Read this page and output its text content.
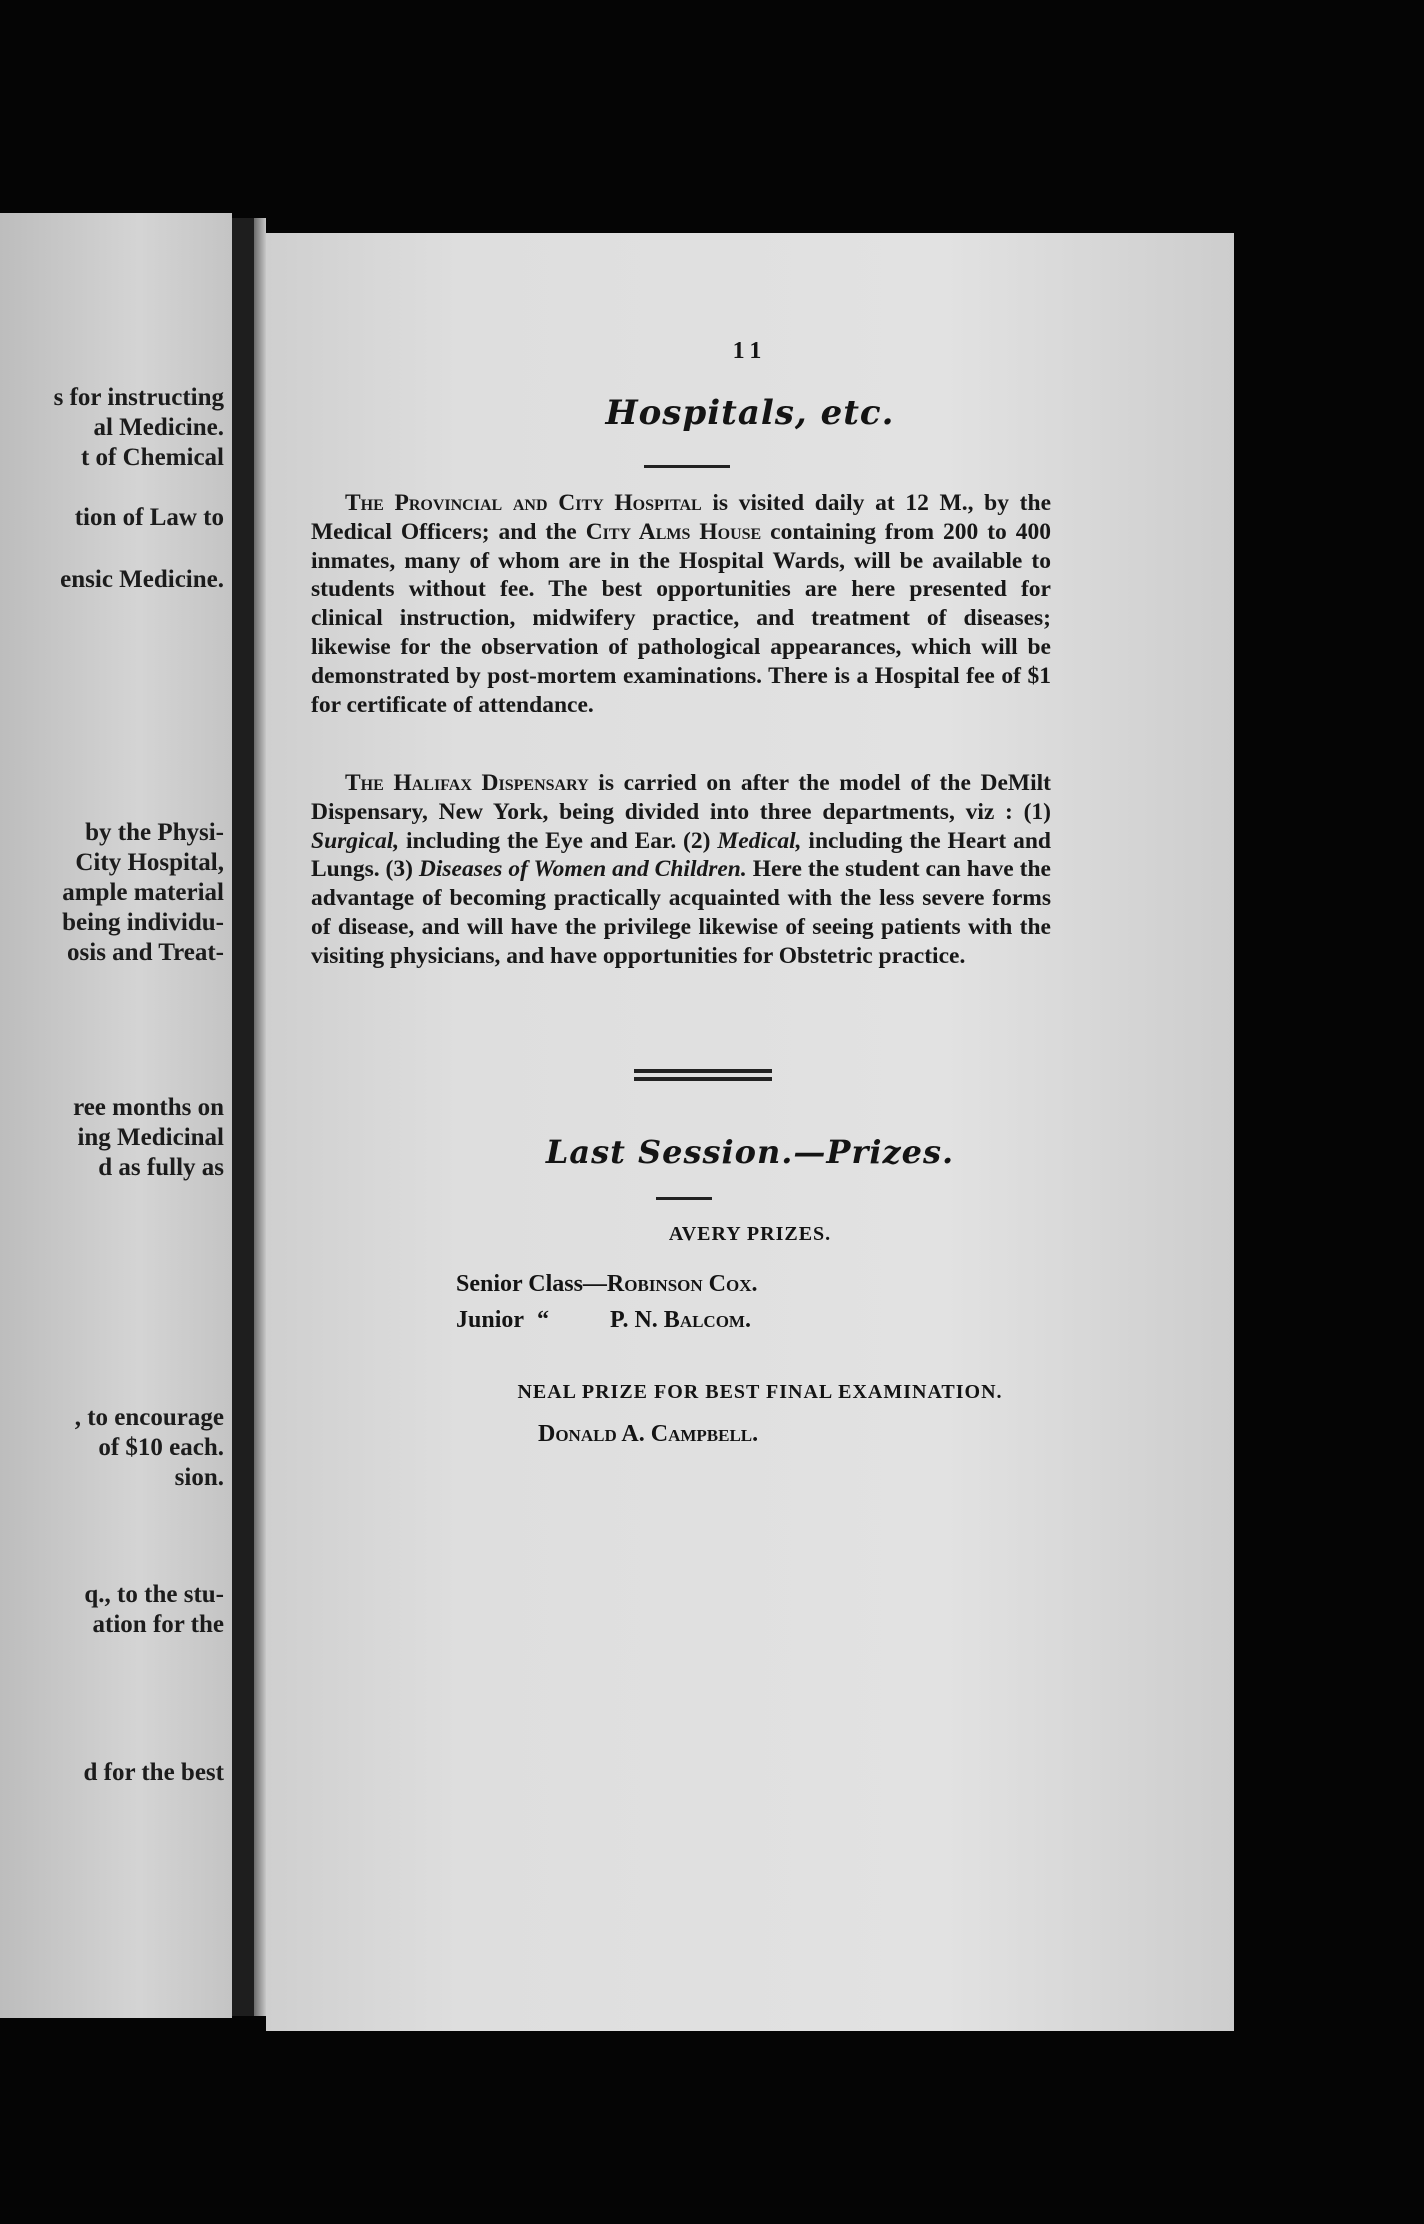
s for instructing
al Medicine.
t of Chemical
tion of Law to
ensic Medicine.
by the Physi-
City Hospital,
ample material
being individu-
osis and Treat-
ree months on
ing Medicinal
d as fully as
, to encourage
of $10 each.
sion.
q., to the stu-
ation for the
d for the best
11
Hospitals, etc.
The Provincial and City Hospital is visited daily at 12 M., by the Medical Officers; and the City Alms House containing from 200 to 400 inmates, many of whom are in the Hospital Wards, will be available to students without fee. The best opportunities are here presented for clinical instruction, midwifery practice, and treatment of diseases; likewise for the observation of pathological appearances, which will be demonstrated by post-mortem examinations. There is a Hospital fee of $1 for certificate of attendance.
The Halifax Dispensary is carried on after the model of the DeMilt Dispensary, New York, being divided into three departments, viz : (1) Surgical, including the Eye and Ear. (2) Medical, including the Heart and Lungs. (3) Diseases of Women and Children. Here the student can have the advantage of becoming practically acquainted with the less severe forms of disease, and will have the privilege likewise of seeing patients with the visiting physicians, and have opportunities for Obstetric practice.
Last Session.—Prizes.
AVERY PRIZES.
Senior Class—Robinson Cox.
Junior “	P. N. Balcom.
NEAL PRIZE FOR BEST FINAL EXAMINATION.
Donald A. Campbell.
